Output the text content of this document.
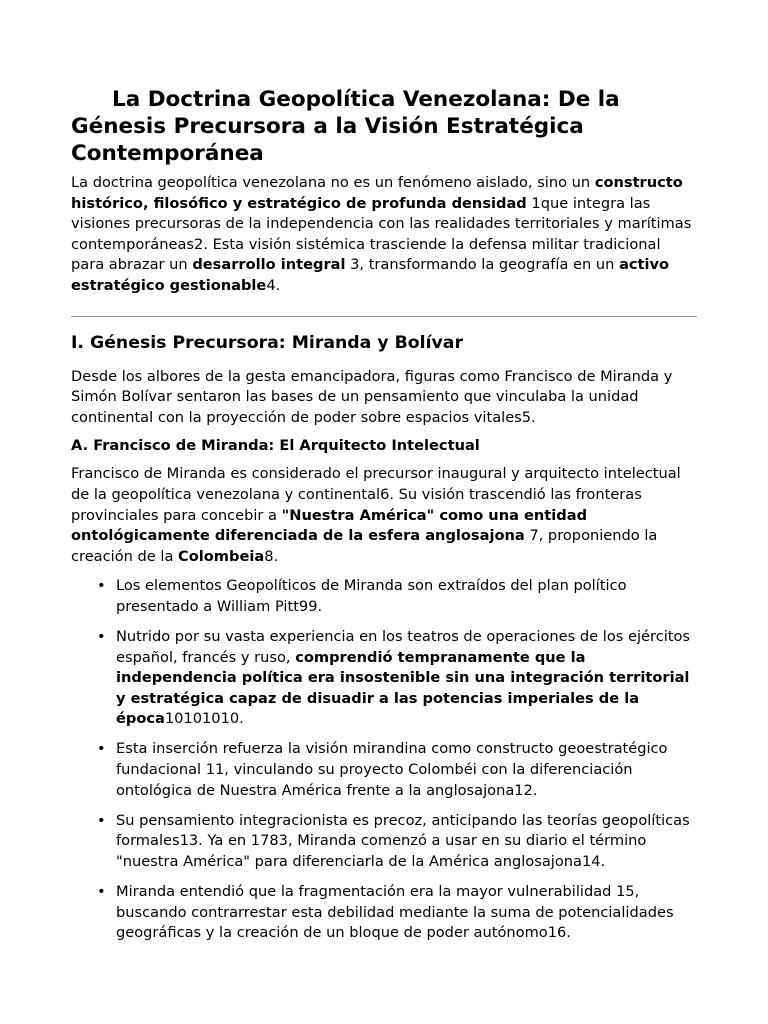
La Doctrina Geopolítica Venezolana: De la Génesis Precursora a la Visión Estratégica Contemporánea

La doctrina geopolítica venezolana no es un fenómeno aislado, sino un constructo histórico, filosófico y estratégico de profunda densidad 1que integra las visiones precursoras de la independencia con las realidades territoriales y marítimas contemporáneas2. Esta visión sistémica trasciende la defensa militar tradicional para abrazar un desarrollo integral 3, transformando la geografía en un activo estratégico gestionable4.

I. Génesis Precursora: Miranda y Bolívar

Desde los albores de la gesta emancipadora, figuras como Francisco de Miranda y Simón Bolívar sentaron las bases de un pensamiento que vinculaba la unidad continental con la proyección de poder sobre espacios vitales5.

A. Francisco de Miranda: El Arquitecto Intelectual

Francisco de Miranda es considerado el precursor inaugural y arquitecto intelectual de la geopolítica venezolana y continental6. Su visión trascendió las fronteras provinciales para concebir a "Nuestra América" como una entidad ontológicamente diferenciada de la esfera anglosajona 7, proponiendo la creación de la Colombeia8.

• Los elementos Geopolíticos de Miranda son extraídos del plan político presentado a William Pitt99.
• Nutrido por su vasta experiencia en los teatros de operaciones de los ejércitos español, francés y ruso, comprendió tempranamente que la independencia política era insostenible sin una integración territorial y estratégica capaz de disuadir a las potencias imperiales de la época10101010.
• Esta inserción refuerza la visión mirandina como constructo geoestratégico fundacional 11, vinculando su proyecto Colombéi con la diferenciación ontológica de Nuestra América frente a la anglosajona12.
• Su pensamiento integracionista es precoz, anticipando las teorías geopolíticas formales13. Ya en 1783, Miranda comenzó a usar en su diario el término "nuestra América" para diferenciarla de la América anglosajona14.
• Miranda entendió que la fragmentación era la mayor vulnerabilidad 15, buscando contrarrestar esta debilidad mediante la suma de potencialidades geográficas y la creación de un bloque de poder autónomo16.
